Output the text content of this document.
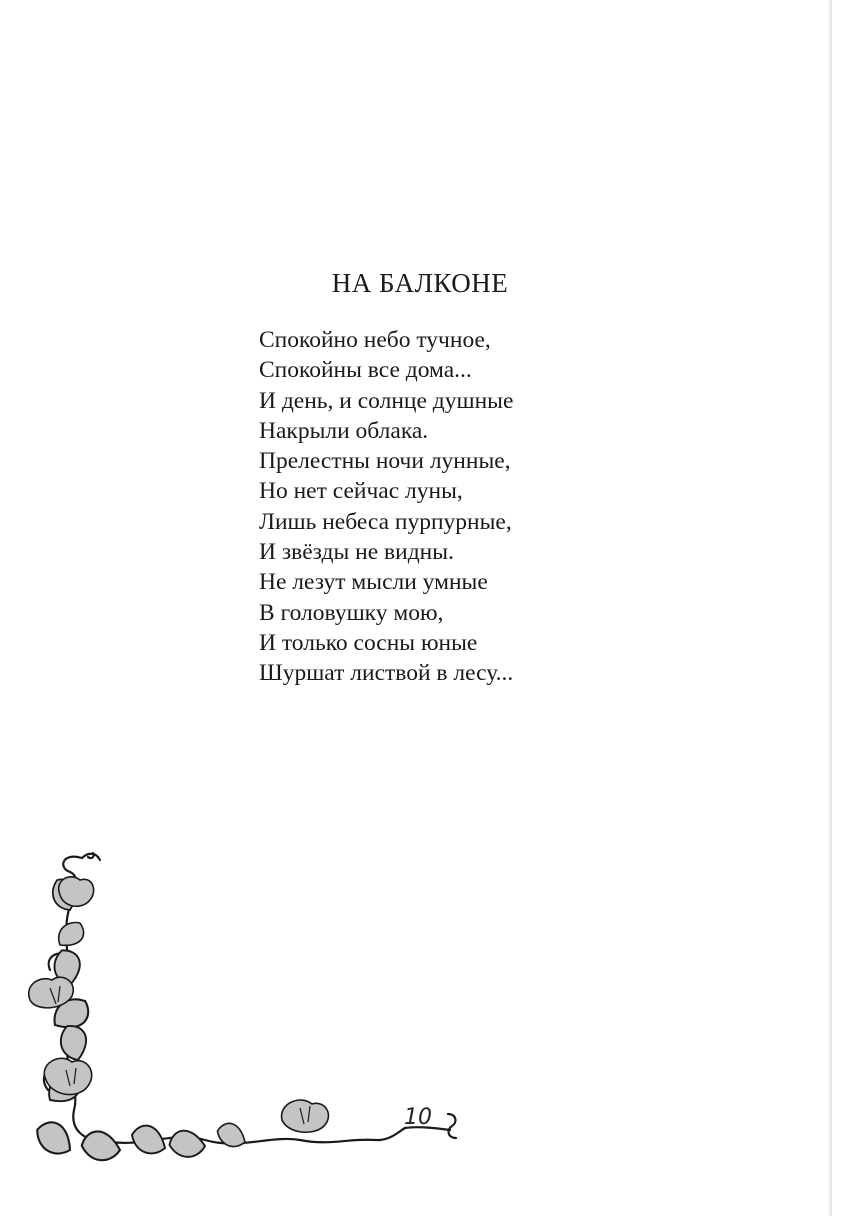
НА БАЛКОНЕ
Спокойно небо тучное,
Спокойны все дома...
И день, и солнце душные
Накрыли облака.
Прелестны ночи лунные,
Но нет сейчас луны,
Лишь небеса пурпурные,
И звёзды не видны.
Не лезут мысли умные
В головушку мою,
И только сосны юные
Шуршат листвой в лесу...
10
